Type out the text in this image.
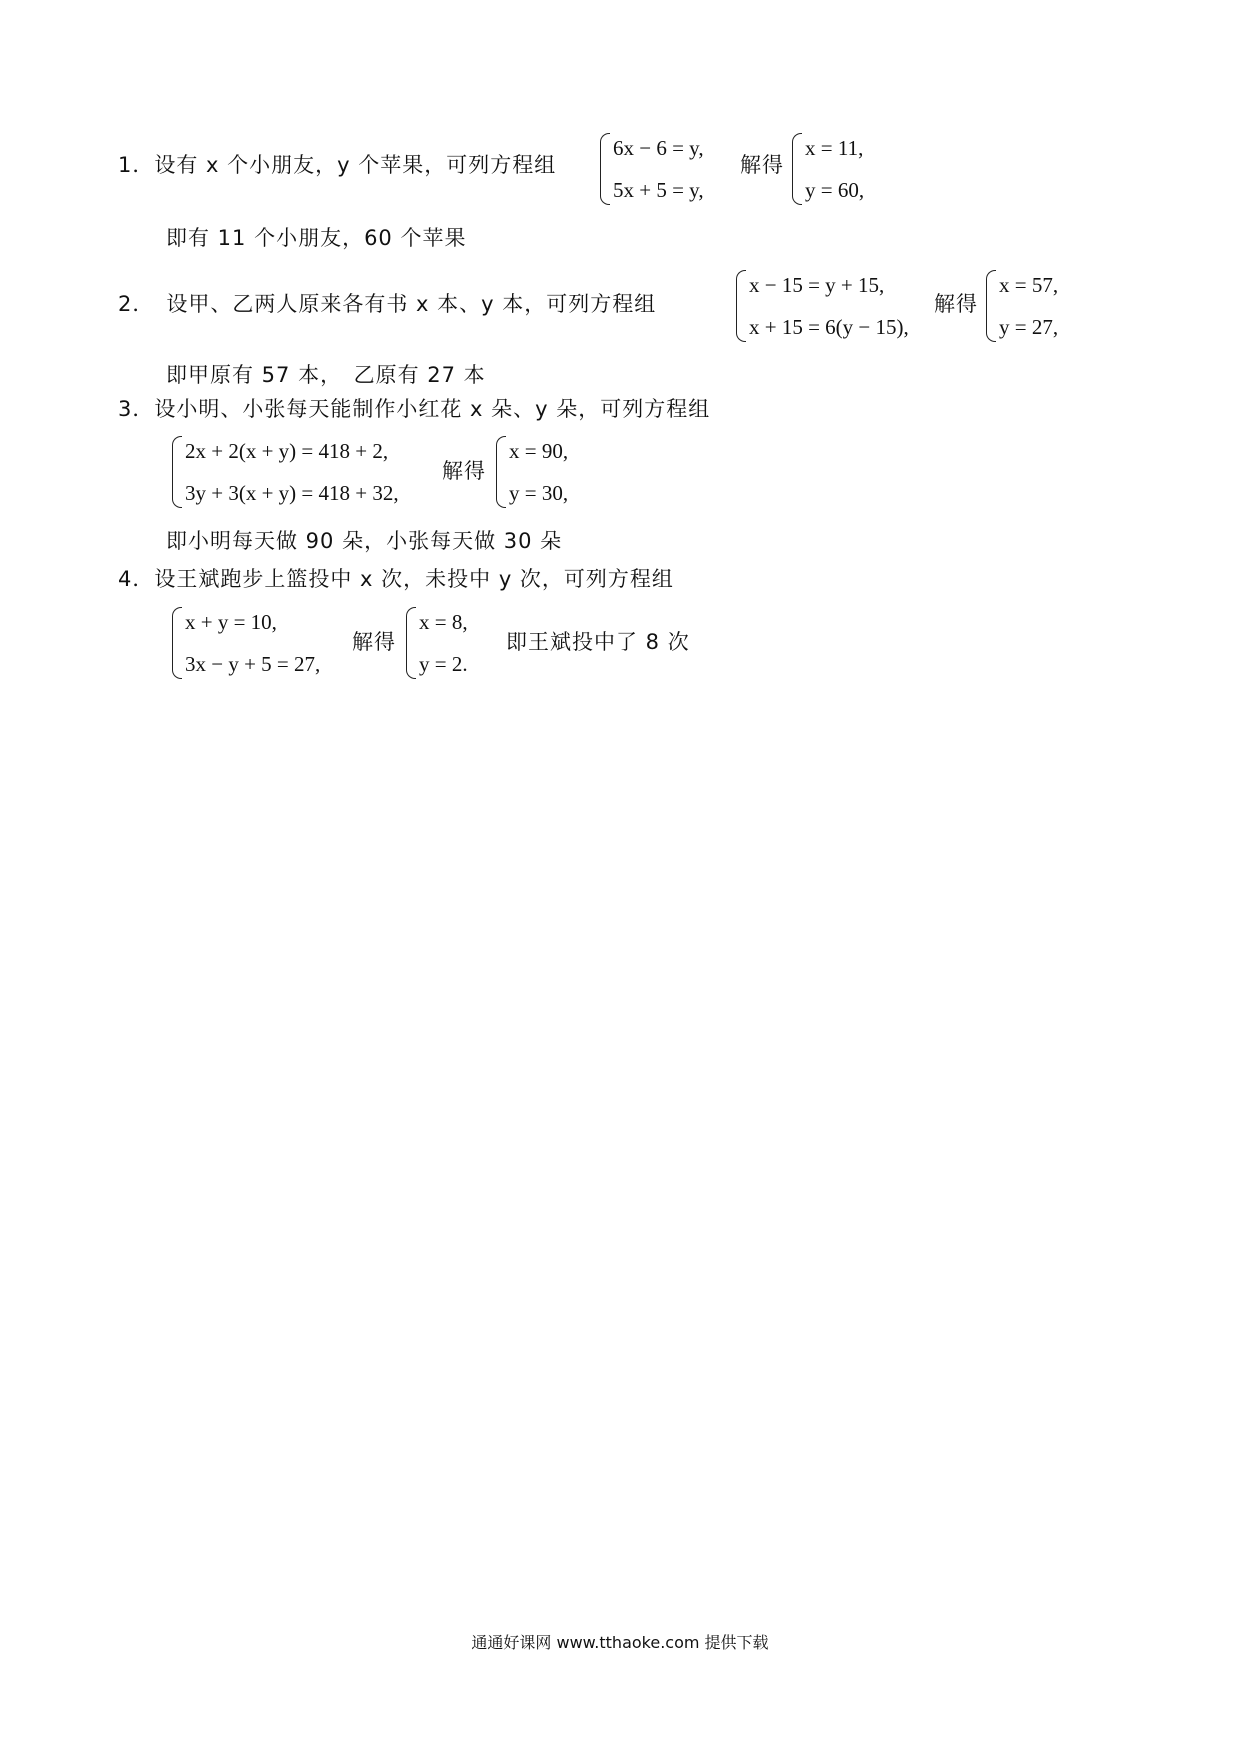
1．设有 x 个小朋友，y 个苹果，可列方程组
6x − 6 = y,
5x + 5 = y,
解得
x = 11,
y = 60,
即有 11 个小朋友，60 个苹果
2． 设甲、乙两人原来各有书 x 本、y 本，可列方程组
x − 15 = y + 15,
x + 15 = 6(y − 15),
解得
x = 57,
y = 27,
即甲原有 57 本，　乙原有 27 本
3．设小明、小张每天能制作小红花 x 朵、y 朵，可列方程组
2x + 2(x + y) = 418 + 2,
3y + 3(x + y) = 418 + 32,
解得
x = 90,
y = 30,
即小明每天做 90 朵，小张每天做 30 朵
4．设王斌跑步上篮投中 x 次，未投中 y 次，可列方程组
x + y = 10,
3x − y + 5 = 27,
解得
x = 8,
y = 2.
即王斌投中了 8 次
通通好课网 www.tthaoke.com 提供下载
